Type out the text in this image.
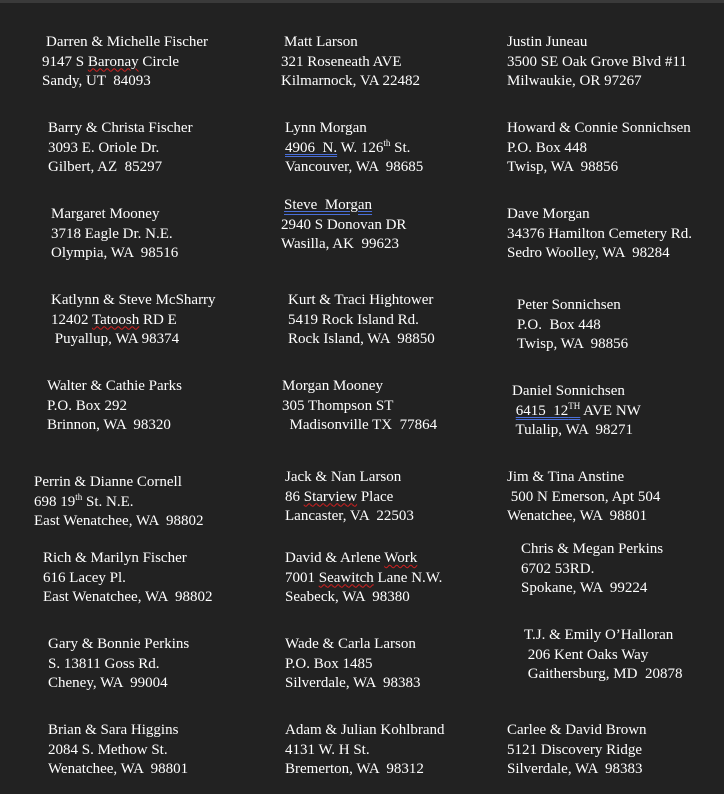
Darren & Michelle Fischer
9147 S Baronay Circle
Sandy, UT  84093
Matt Larson
321 Roseneath AVE
Kilmarnock, VA 22482
Justin Juneau
3500 SE Oak Grove Blvd #11
Milwaukie, OR 97267
Barry & Christa Fischer
3093 E. Oriole Dr.
Gilbert, AZ  85297
Lynn Morgan
4906  N. W. 126th St.
Vancouver, WA  98685
Howard & Connie Sonnichsen
P.O. Box 448
Twisp, WA  98856
Margaret Mooney
3718 Eagle Dr. N.E.
Olympia, WA  98516
Steve  Morgan
2940 S Donovan DR
Wasilla, AK  99623
Dave Morgan
34376 Hamilton Cemetery Rd.
Sedro Woolley, WA  98284
Katlynn & Steve McSharry
12402 Tatoosh RD E
Puyallup, WA 98374
Kurt & Traci Hightower
5419 Rock Island Rd.
Rock Island, WA  98850
Peter Sonnichsen
P.O.  Box 448
Twisp, WA  98856
Walter & Cathie Parks
P.O. Box 292
Brinnon, WA  98320
Morgan Mooney
305 Thompson ST
Madisonville TX  77864
Daniel Sonnichsen
6415  12TH AVE NW
Tulalip, WA  98271
Perrin & Dianne Cornell
698 19th St. N.E.
East Wenatchee, WA  98802
Jack & Nan Larson
86 Starview Place
Lancaster, VA  22503
Jim & Tina Anstine
500 N Emerson, Apt 504
Wenatchee, WA  98801
Rich & Marilyn Fischer
616 Lacey Pl.
East Wenatchee, WA  98802
David & Arlene Work
7001 Seawitch Lane N.W.
Seabeck, WA  98380
Chris & Megan Perkins
6702 53RD.
Spokane, WA  99224
Gary & Bonnie Perkins
S. 13811 Goss Rd.
Cheney, WA  99004
Wade & Carla Larson
P.O. Box 1485
Silverdale, WA  98383
T.J. & Emily O’Halloran
206 Kent Oaks Way
Gaithersburg, MD  20878
Brian & Sara Higgins
2084 S. Methow St.
Wenatchee, WA  98801
Adam & Julian Kohlbrand
4131 W. H St.
Bremerton, WA  98312
Carlee & David Brown
5121 Discovery Ridge
Silverdale, WA  98383
